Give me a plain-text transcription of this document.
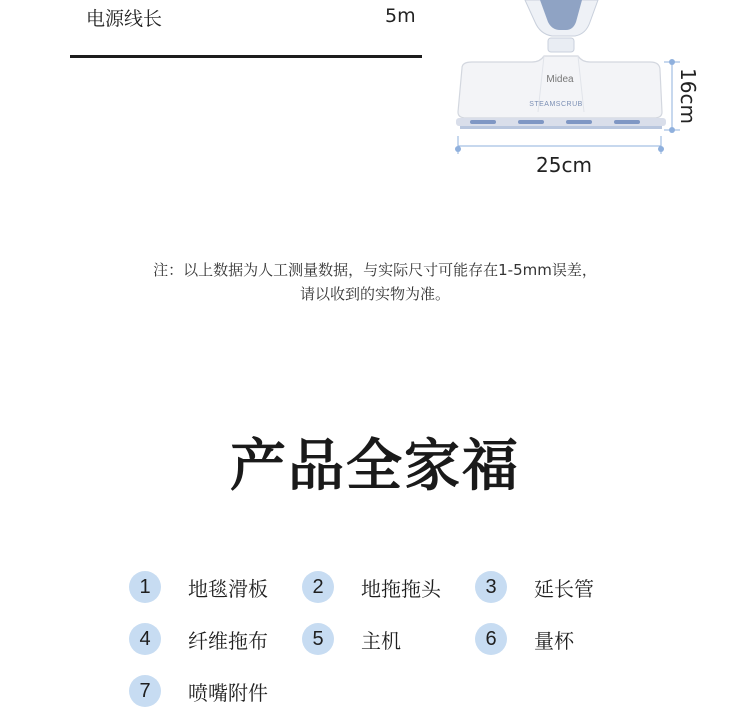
电源线长	5m
Midea
STEAMSCRUB
25cm
16cm
注：以上数据为人工测量数据，与实际尺寸可能存在1-5mm误差，
请以收到的实物为准。
产品全家福
1	地毯滑板	2	地拖拖头	3	延长管
4	纤维拖布	5	主机	6	量杯
7	喷嘴附件
